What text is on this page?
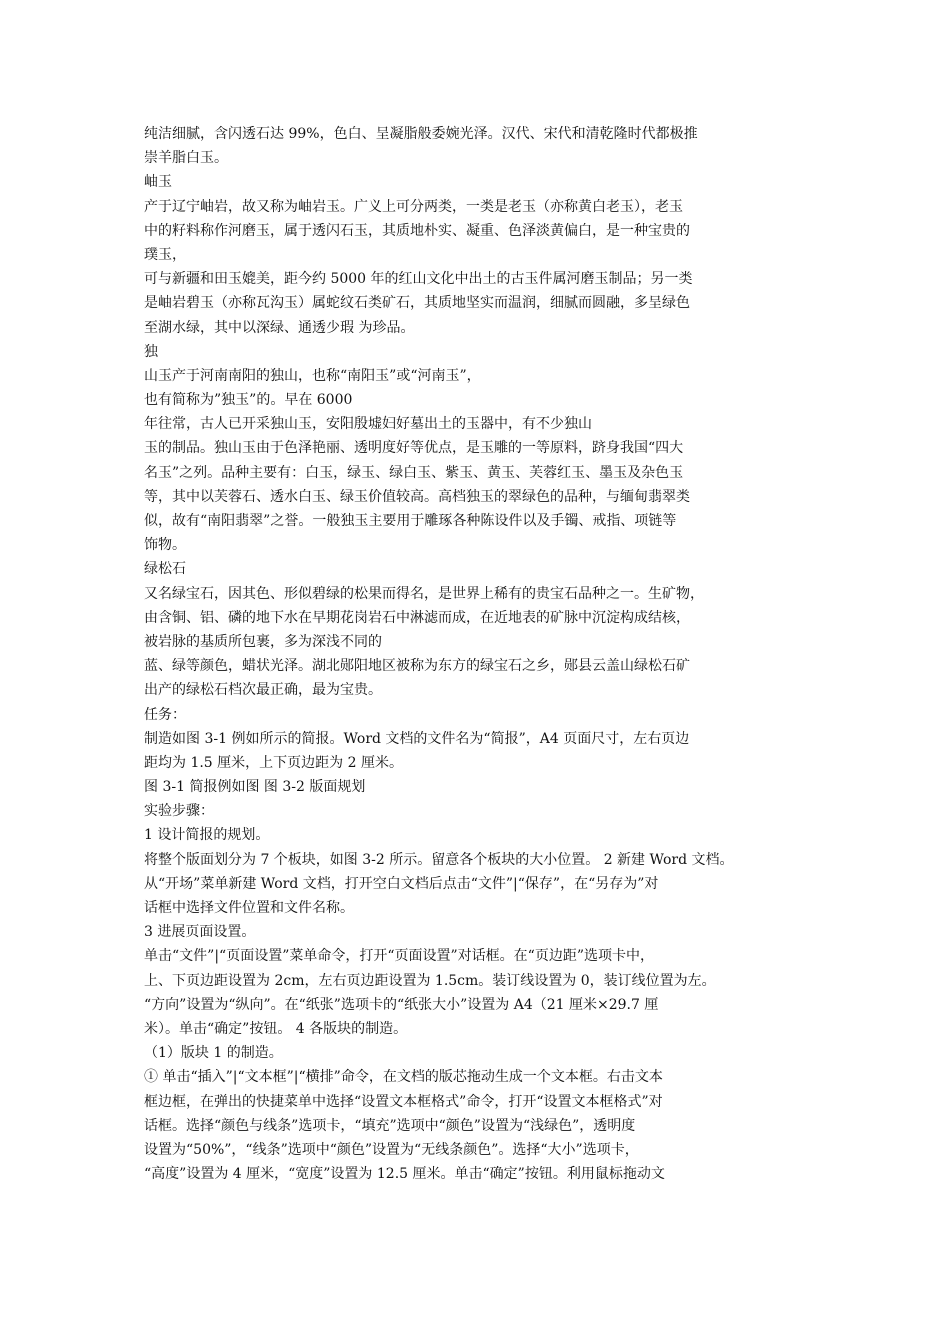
纯洁细腻，含闪透石达 99%，色白、呈凝脂般委婉光泽。汉代、宋代和清乾隆时代都极推
崇羊脂白玉。
岫玉
产于辽宁岫岩，故又称为岫岩玉。广义上可分两类，一类是老玉（亦称黄白老玉），老玉
中的籽料称作河磨玉，属于透闪石玉，其质地朴实、凝重、色泽淡黄偏白，是一种宝贵的
璞玉，
可与新疆和田玉媲美，距今约 5000 年的红山文化中出土的古玉件属河磨玉制品；另一类
是岫岩碧玉（亦称瓦沟玉）属蛇纹石类矿石，其质地坚实而温润，细腻而圆融，多呈绿色
至湖水绿，其中以深绿、通透少瑕 为珍品。
独
山玉产于河南南阳的独山，也称“南阳玉”或“河南玉”，
也有简称为”独玉”的。早在 6000
年往常，古人已开采独山玉，安阳殷墟妇好墓出土的玉器中，有不少独山
玉的制品。独山玉由于色泽艳丽、透明度好等优点，是玉雕的一等原料，跻身我国“四大
名玉”之列。品种主要有：白玉，绿玉、绿白玉、紫玉、黄玉、芙蓉红玉、墨玉及杂色玉
等，其中以芙蓉石、透水白玉、绿玉价值较高。高档独玉的翠绿色的品种，与缅甸翡翠类
似，故有“南阳翡翠”之誉。一般独玉主要用于雕琢各种陈设件以及手镯、戒指、项链等
饰物。
绿松石
又名绿宝石，因其色、形似碧绿的松果而得名，是世界上稀有的贵宝石品种之一。生矿物，
由含铜、铝、磷的地下水在早期花岗岩石中淋滤而成，在近地表的矿脉中沉淀构成结核，
被岩脉的基质所包裹，多为深浅不同的
蓝、绿等颜色，蜡状光泽。湖北郧阳地区被称为东方的绿宝石之乡，郧县云盖山绿松石矿
出产的绿松石档次最正确，最为宝贵。
任务：
制造如图 3-1 例如所示的简报。Word 文档的文件名为“简报”，A4 页面尺寸，左右页边
距均为 1.5 厘米，上下页边距为 2 厘米。
图 3-1 简报例如图 图 3-2 版面规划
实验步骤：
1 设计简报的规划。
将整个版面划分为 7 个板块，如图 3-2 所示。留意各个板块的大小位置。 2 新建 Word 文档。
从“开场”菜单新建 Word 文档，打开空白文档后点击“文件”|“保存”，在“另存为”对
话框中选择文件位置和文件名称。
3 进展页面设置。
单击“文件”|“页面设置”菜单命令，打开“页面设置”对话框。在“页边距”选项卡中，
上、下页边距设置为 2cm，左右页边距设置为 1.5cm。装订线设置为 0，装订线位置为左。
“方向”设置为“纵向”。在“纸张”选项卡的“纸张大小”设置为 A4（21 厘米×29.7 厘
米）。单击“确定”按钮。 4 各版块的制造。
（1）版块 1 的制造。
① 单击“插入”|“文本框”|“横排”命令，在文档的版芯拖动生成一个文本框。右击文本
框边框，在弹出的快捷菜单中选择“设置文本框格式”命令，打开“设置文本框格式”对
话框。选择“颜色与线条”选项卡，“填充”选项中“颜色”设置为“浅绿色”，透明度
设置为“50%”，“线条”选项中“颜色”设置为“无线条颜色”。选择“大小”选项卡，
“高度”设置为 4 厘米，“宽度”设置为 12.5 厘米。单击“确定”按钮。利用鼠标拖动文
